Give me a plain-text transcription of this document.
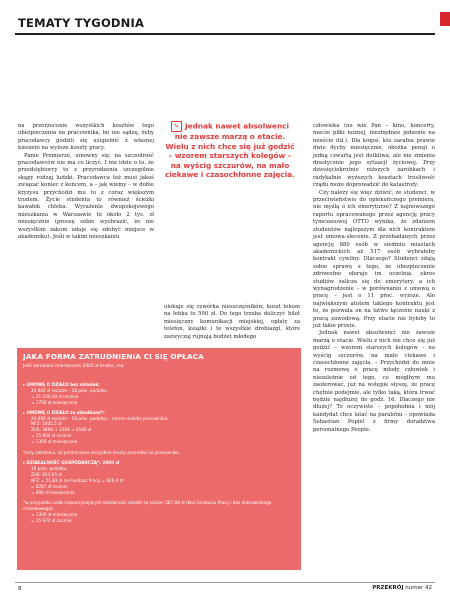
TEMATY TYGODNIA

na przerzucenie wszystkich kosztów tego ubezpieczenia na pracownika, bo nie sądzę, żeby pracodawcy godzili się uzupełnić z własnej kieszeni na wyższe koszty pracy.

Panie Premierze, umowny się: na szczodrość pracodawców nie ma co liczyć. I nie idzie o to, że przedsiębiorcy to z przyrodzenia szczególnie skąpy rodzaj ludzki. Pracodawca też musi jakoś związać koniec z końcem, a – jak wiemy – w dobie kryzysu przychodzi mu to z coraz większym trudem. Życie studenta to również ścieżki kawałek chleba. Wyrażenie dwupokojowego mieszkania w Warszawie to około 2 tys. zł miesięcznie (proszę sobie wyobrazić, że nie wszystkim zakom udaje się zdobyć miejsce w akademiku). Jeśli w takim mieszkaniu

✎ Jednak nawet absolwenci nie zawsze marzą o etacie. Wielu z nich chce się już godzić – wzorem starszych kolegów – na wyścig szczurów, na mało ciekawe i czasochłonne zajęcia.

ulokuje się czwórka nieszczęśników, koszt lokum na łebka to 500 zł. Do tego trzeba doliczyć bilet miesięczny komunikacji miejskiej, opłaty za telefon, książki i te wszystkie drobiazgi, które zazwyczaj rujnują budżet młodego

człowieka (no wie Pan – kino, koncerty, mecze piłki nożnej, niezbędnee jedzenie na mieście itd.). Dla kogoś, kto zarabia prawie dwie dychy miesięcznie, obożka pensji o jedną czwartą jest dotkliwa, ale nie zmienia drastycznie jego sytuacji życiowej. Przy dziesięciokrotnie niższych zarobkach i radykalnie wyższych kosztach trosliwość rządu może doprowadzić do katastrofy.

Czy należy się więc dziwić, że studenci, w przeciwieństwie do opiekuńczego premiera, nie myślą o ich emeryturze? Z najnowszego raportu opracowanego przez agencję pracy tymczasowej OTTO wynika, że zdaniem studentów najlepszym dla nich kontraktem jest umowa-zlecenie. Z przebadanych przez agencję 880 osób w siedmiu miastach akademickich aż 517 osób wybrałoby kontrakt cywilny. Dlaczego? Studenci zdają sobie sprawę z tego, że ubezpieczenie zdrowotne oferuje im uczelnia, okres studiów zalicza się do emerytury, a ich wynagrodzenie – w porównaniu z umową o pracę – jest o 11 proc. wyższe. Ale największym atutem takiego kontraktu jest to, że pozwala on na łatwe łączenie nauki z pracą zawodową. Przy etacie nie byłoby to już takie proste.

Jednak nawet absolwenci nie zawsze marzą o etacie. Wielu z nich nie chce się już godzić – wzorem starszych kolegów – na wyścig szczurów, na mało ciekawe i czasochłonne zajęcia. – Przychodzi do mnie na rozmowę o pracę młody człowiek i niezależnie od tego, co mógłbym mu zaoferować, już na wstępie słyszę, że pracę chętnie podejmie, ale tylko taką, która trwać będzie najdłużej do godz. 16. Dlaczego nie dłużej? To oczywiste – popołudnia i mój kandydat chce latać na paralotni – opowiada Sebastian Popiel z firmy doradztwa personalnego People.

JAKA FORMA ZATRUDNIENIA CI SIĘ OPŁACA
Jeśli zarabiasz miesięcznie 2000 zł brutto, ma:
▸ UMOWĘ O DZIEŁO bez składek:
24 000 zł rocznie – 18 proc. podatku
= 21 100,40 zł rocznie
= 1758 zł miesięcznie
▸ UMOWĘ O DZIEŁO ze składkami*:
24 000 zł rocznie – 18 proc. podatku – roczne składki pracownika:
NFZ: 1605,5 zł
ZUS: 3896 + 2264 = 6160 zł
= 15 604 zł rocznie
= 1300 zł miesięcznie
*przy założeniu, że przerzucono wszystkie koszty przeróbki na pracownika
▸ DZIAŁALNOŚĆ GOSPODARCZĄ*: 2000 zł
19 proc. podatku
ZUS: 623,05 zł
NFZ = 51,83 zł na Fundusz Pracy = 929,4 zł
= 8287 zł rocznie
= 690 zł miesięcznie
*w przypadku osób rozpoczynających działalność składki są niższe: 587,08 zł (bez Funduszu Pracy i bez dobrowolnego chorobowego)
= 1306 zł miesięcznie
= 15 672 zł rocznie
8	PRZEKRÓJ numer 42
